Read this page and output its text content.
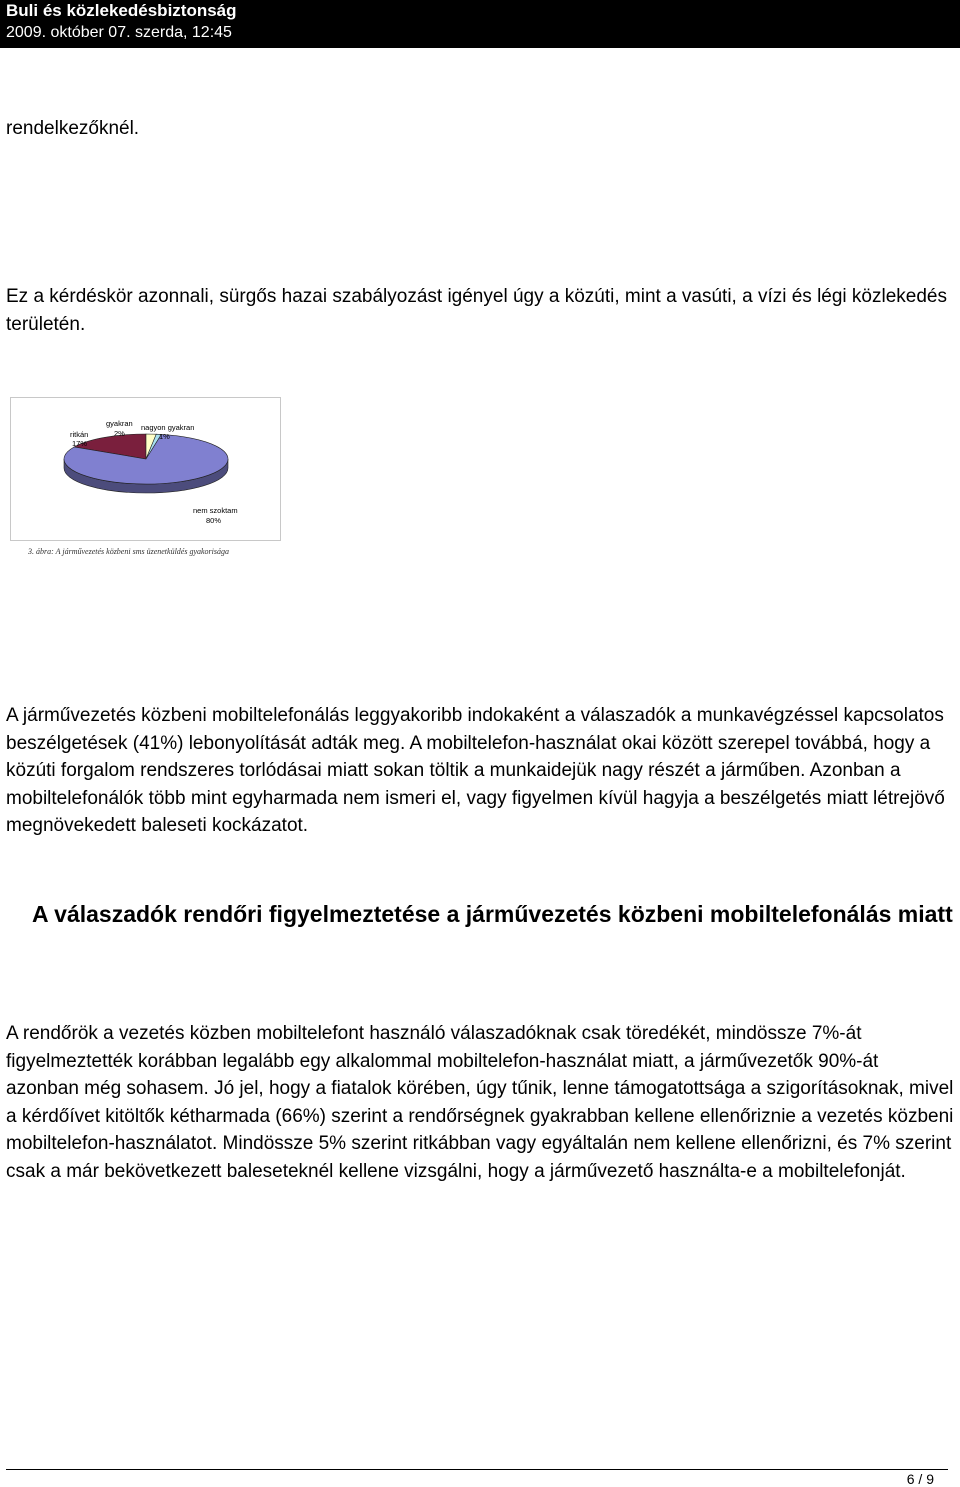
Buli és közlekedésbiztonság
2009. október 07. szerda, 12:45

rendelkezőknél.

Ez a kérdéskör azonnali, sürgős hazai szabályozást igényel úgy a közúti, mint a vasúti, a vízi és légi közlekedés területén.

ritkán
17%
gyakran
2%
nagyon gyakran
1%
nem szoktam
80%
3. ábra: A járművezetés közbeni sms üzenetküldés gyakorisága

A járművezetés közbeni mobiltelefonálás leggyakoribb indokaként a válaszadók a munkavégzéssel kapcsolatos beszélgetések (41%) lebonyolítását adták meg. A mobiltelefon-használat okai között szerepel továbbá, hogy a közúti forgalom rendszeres torlódásai miatt sokan töltik a munkaidejük nagy részét a járműben. Azonban a mobiltelefonálók több mint egyharmada nem ismeri el, vagy figyelmen kívül hagyja a beszélgetés miatt létrejövő megnövekedett baleseti kockázatot.

A válaszadók rendőri figyelmeztetése a járművezetés közbeni mobiltelefonálás miatt

A rendőrök a vezetés közben mobiltelefont használó válaszadóknak csak töredékét, mindössze 7%-át figyelmeztették korábban legalább egy alkalommal mobiltelefon-használat miatt, a járművezetők 90%-át azonban még sohasem. Jó jel, hogy a fiatalok körében, úgy tűnik, lenne támogatottsága a szigorításoknak, mivel a kérdőívet kitöltők kétharmada (66%) szerint a rendőrségnek gyakrabban kellene ellenőriznie a vezetés közbeni mobiltelefon-használatot. Mindössze 5% szerint ritkábban vagy egyáltalán nem kellene ellenőrizni, és 7% szerint csak a már bekövetkezett baleseteknél kellene vizsgálni, hogy a járművezető használta-e a mobiltelefonját.

6 / 9
